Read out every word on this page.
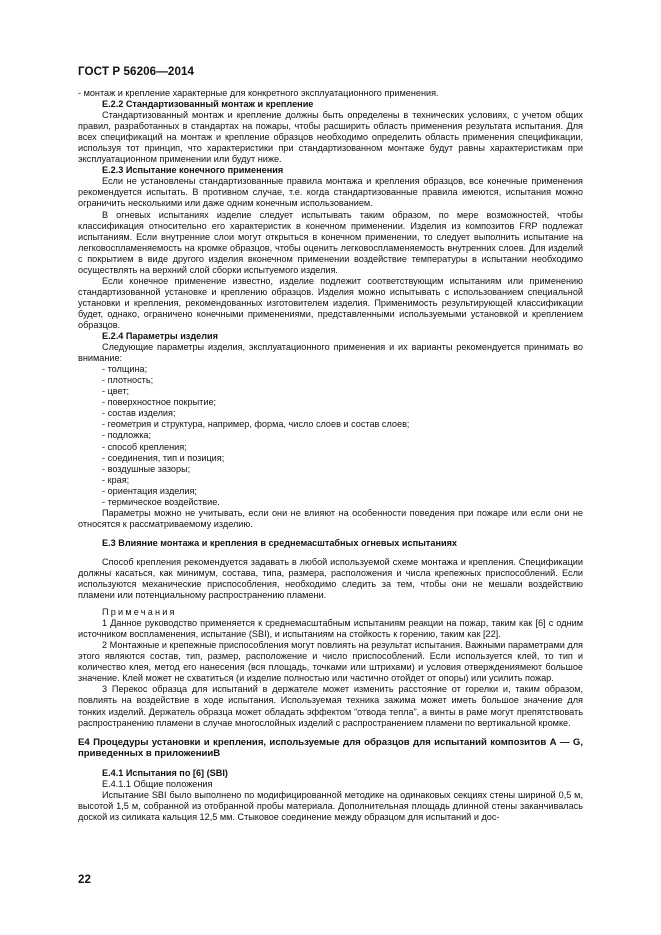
ГОСТ Р 56206—2014

- монтаж и крепление характерные для конкретного эксплуатационного применения.

Е.2.2 Стандартизованный монтаж и крепление

Стандартизованный монтаж и крепление должны быть определены в технических условиях, с учетом общих правил, разработанных в стандартах на пожары, чтобы расширить область применения результата испытания. Для всех спецификаций на монтаж и крепление образцов необходимо определить область применения спецификации, используя тот принцип, что характеристики при стандартизованном монтаже будут равны характеристикам при эксплуатационном применении или будут ниже.

Е.2.3 Испытание конечного применения

Если не установлены стандартизованные правила монтажа и крепления образцов, все конечные применения рекомендуется испытать. В противном случае, т.е. когда стандартизованные правила имеются, испытания можно ограничить несколькими или даже одним конечным использованием.

В огневых испытаниях изделие следует испытывать таким образом, по мере возможностей, чтобы классификация относительно его характеристик в конечном применении. Изделия из композитов FRP подлежат испытаниям. Если внутренние слои могут открыться в конечном применении, то следует выполнить испытание на легковоспламеняемость на кромке образцов, чтобы оценить легковоспламеняемость внутренних слоев. Для изделий с покрытием в виде другого изделия вконечном применении воздействие температуры в испытании необходимо осуществлять на верхний слой сборки испытуемого изделия.

Если конечное применение известно, изделие подлежит соответствующим испытаниям или применению стандартизованной установке и креплению образцов. Изделия можно испытывать с использованием специальной установки и крепления, рекомендованных изготовителем изделия. Применимость результирующей классификации будет, однако, ограничено конечными применениями, представленными используемыми установкой и креплением образцов.

Е.2.4 Параметры изделия

Следующие параметры изделия, эксплуатационного применения и их варианты рекомендуется принимать во внимание:

- толщина;

- плотность;

- цвет;

- поверхностное покрытие;

- состав изделия;

- геометрия и структура, например, форма, число слоев и состав слоев;

- подложка;

- способ крепления;

- соединения, тип и позиция;

- воздушные зазоры;

- края;

- ориентация изделия;

- термическое воздействие.

Параметры можно не учитывать, если они не влияют на особенности поведения при пожаре или если они не относятся к рассматриваемому изделию.

Е.3 Влияние монтажа и крепления в среднемасштабных огневых испытаниях

Способ крепления рекомендуется задавать в любой используемой схеме монтажа и крепления. Спецификации должны касаться, как минимум, состава, типа, размера, расположения и числа крепежных приспособлений. Если используются механические приспособления, необходимо следить за тем, чтобы они не мешали воздействию пламени или потенциальному распространению пламени.

Примечания

1 Данное руководство применяется к среднемасштабным испытаниям реакции на пожар, таким как [6] с одним источником воспламенения, испытание (SBI), и испытаниям на стойкость к горению, таким как [22].

2 Монтажные и крепежные приспособления могут повлиять на результат испытания. Важными параметрами для этого являются состав, тип, размер, расположение и число приспособлений. Если используется клей, то тип и количество клея, метод его нанесения (вся площадь, точками или штрихами) и условия отверждениямеют большое значение. Клей может не схватиться (и изделие полностью или частично отойдет от опоры) или усилить пожар.

3 Перекос образца для испытаний в держателе может изменить расстояние от горелки и, таким образом, повлиять на воздействие в ходе испытания. Используемая техника зажима может иметь большое значение для тонких изделий. Держатель образца может обладать эффектом “отвода тепла”, а винты в раме могут препятствовать распространению пламени в случае многослойных изделий с распространением пламени по вертикальной кромке.

Е4 Процедуры установки и крепления, используемые для образцов для испытаний композитов А — G, приведенных в приложенииВ

Е.4.1 Испытания по [6] (SBI)

Е.4.1.1 Общие положения

Испытание SBI было выполнено по модифицированной методике на одинаковых секциях стены шириной 0,5 м, высотой 1,5 м, собранной из отобранной пробы материала. Дополнительная площадь длинной стены заканчивалась доской из силиката кальция 12,5 мм. Стыковое соединение между образцом для испытаний и дос-

22
